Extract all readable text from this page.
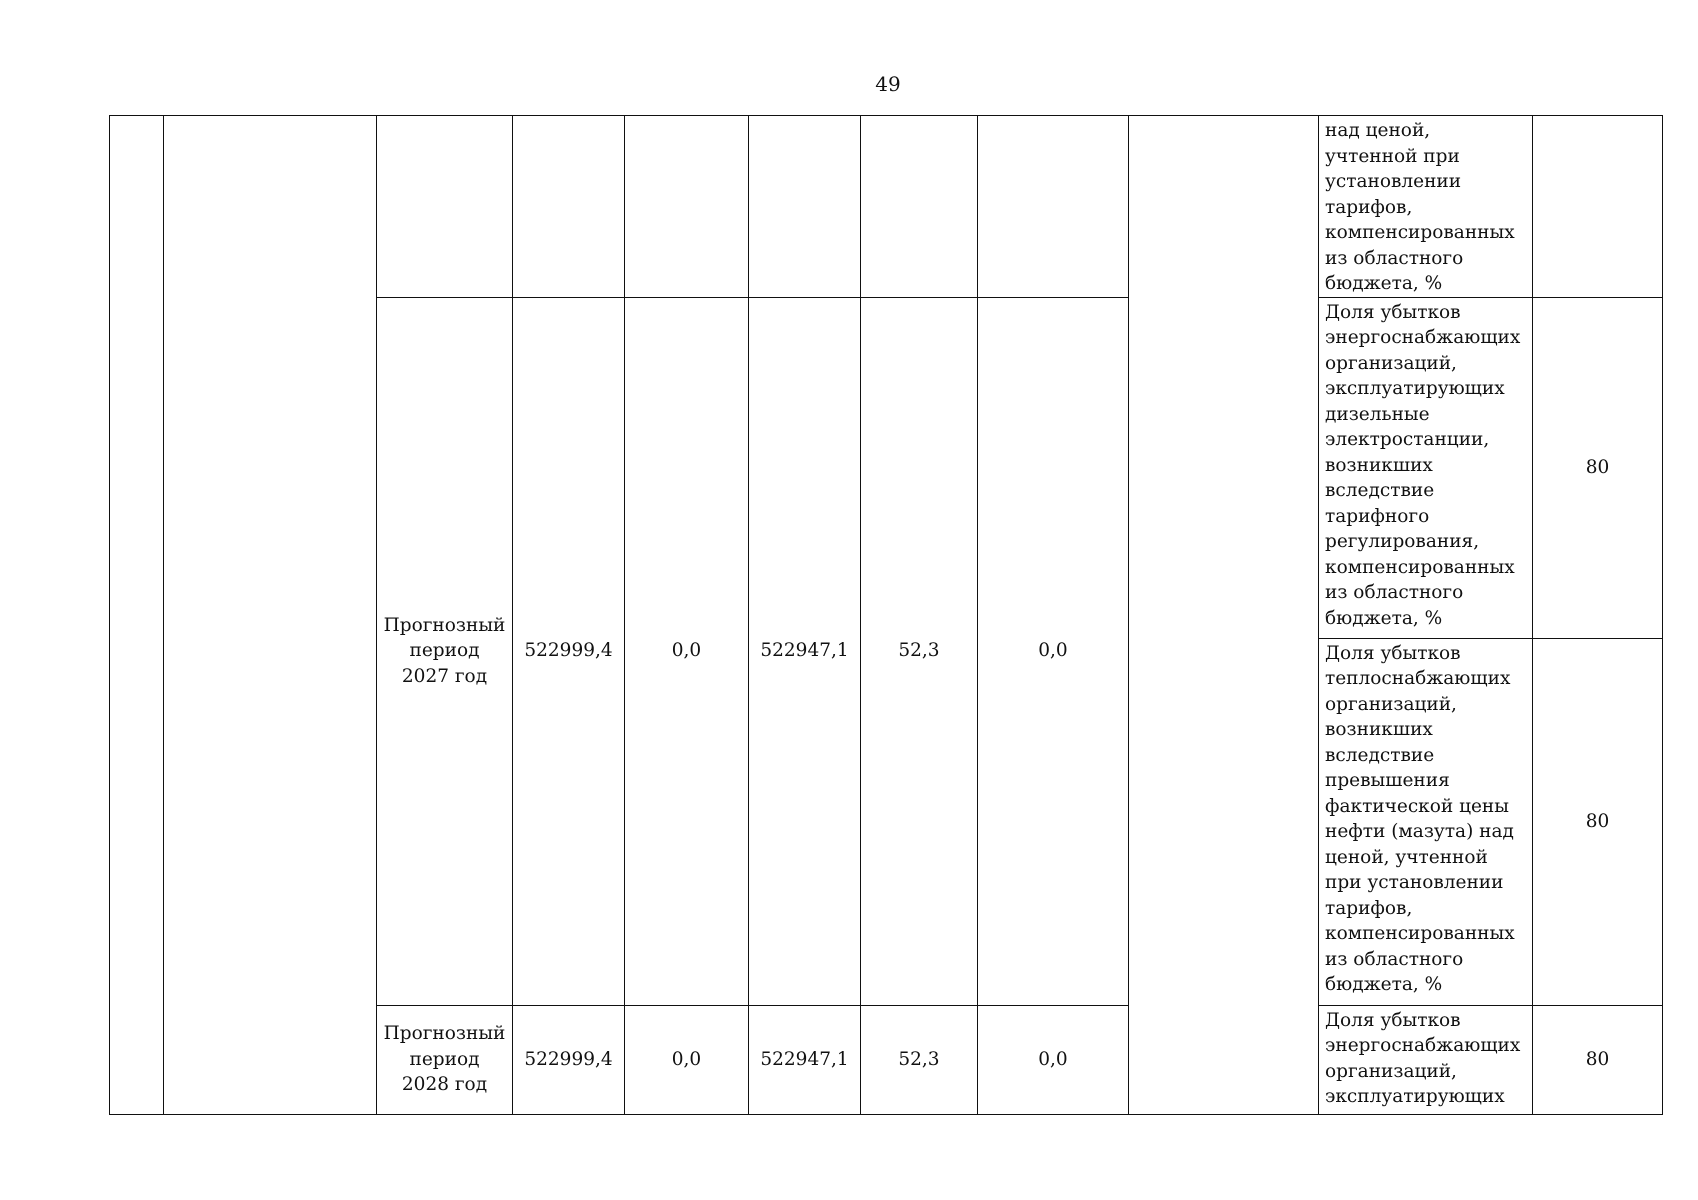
49
									над ценой, учтенной при установлении тарифов, компенсированных из областного бюджета, %	

		Прогнозный
период
2027 год	522999,4	0,0	522947,1	52,3	0,0		Доля убытков энергоснабжающих организаций, эксплуатирующих дизельные электростанции, возникших вследствие тарифного регулирования, компенсированных из областного бюджета, %	80
									Доля убытков теплоснабжающих организаций, возникших вследствие превышения фактической цены нефти (мазута) над ценой, учтенной при установлении тарифов, компенсированных из областного бюджета, %	80

		Прогнозный
период
2028 год	522999,4	0,0	522947,1	52,3	0,0		Доля убытков энергоснабжающих организаций, эксплуатирующих	80
